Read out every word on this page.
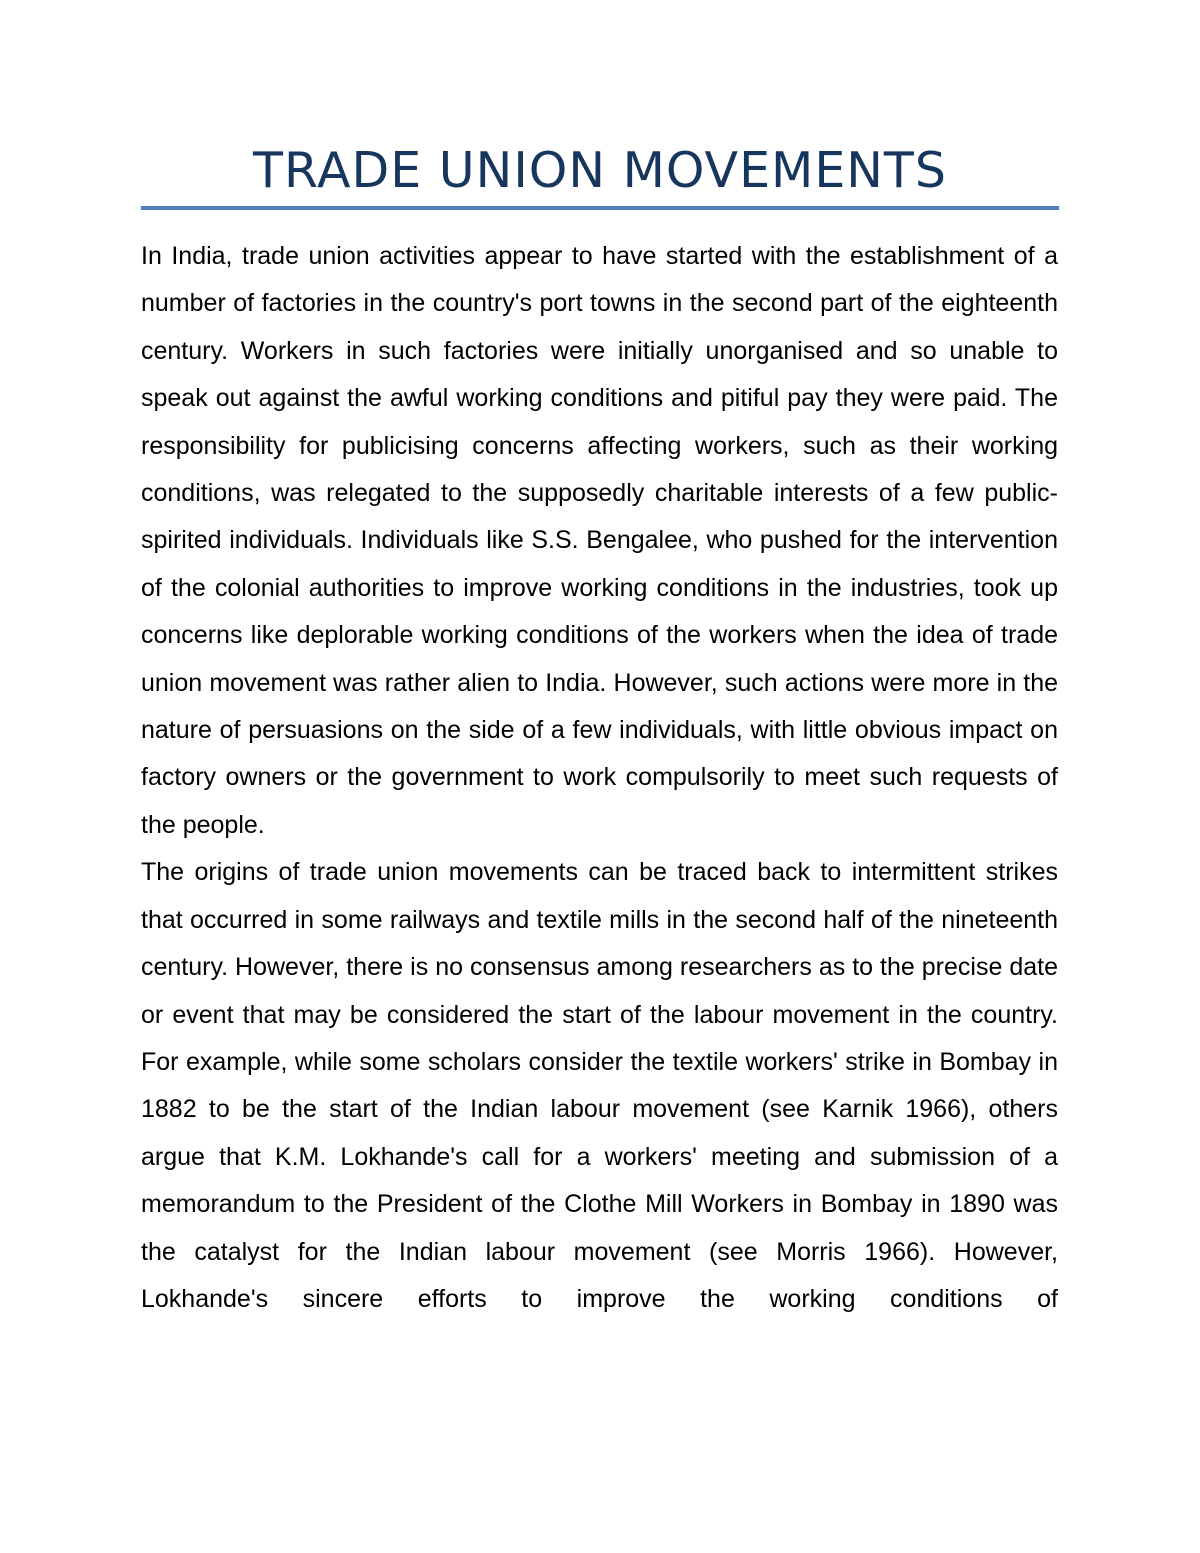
TRADE UNION MOVEMENTS

In India, trade union activities appear to have started with the establishment of a number of factories in the country's port towns in the second part of the eighteenth century. Workers in such factories were initially unorganised and so unable to speak out against the awful working conditions and pitiful pay they were paid. The responsibility for publicising concerns affecting workers, such as their working conditions, was relegated to the supposedly charitable interests of a few public-spirited individuals. Individuals like S.S. Bengalee, who pushed for the intervention of the colonial authorities to improve working conditions in the industries, took up concerns like deplorable working conditions of the workers when the idea of trade union movement was rather alien to India. However, such actions were more in the nature of persuasions on the side of a few individuals, with little obvious impact on factory owners or the government to work compulsorily to meet such requests of the people.

The origins of trade union movements can be traced back to intermittent strikes that occurred in some railways and textile mills in the second half of the nineteenth century. However, there is no consensus among researchers as to the precise date or event that may be considered the start of the labour movement in the country. For example, while some scholars consider the textile workers' strike in Bombay in 1882 to be the start of the Indian labour movement (see Karnik 1966), others argue that K.M. Lokhande's call for a workers' meeting and submission of a memorandum to the President of the Clothe Mill Workers in Bombay in 1890 was the catalyst for the Indian labour movement (see Morris 1966). However, Lokhande's sincere efforts to improve the working conditions of
